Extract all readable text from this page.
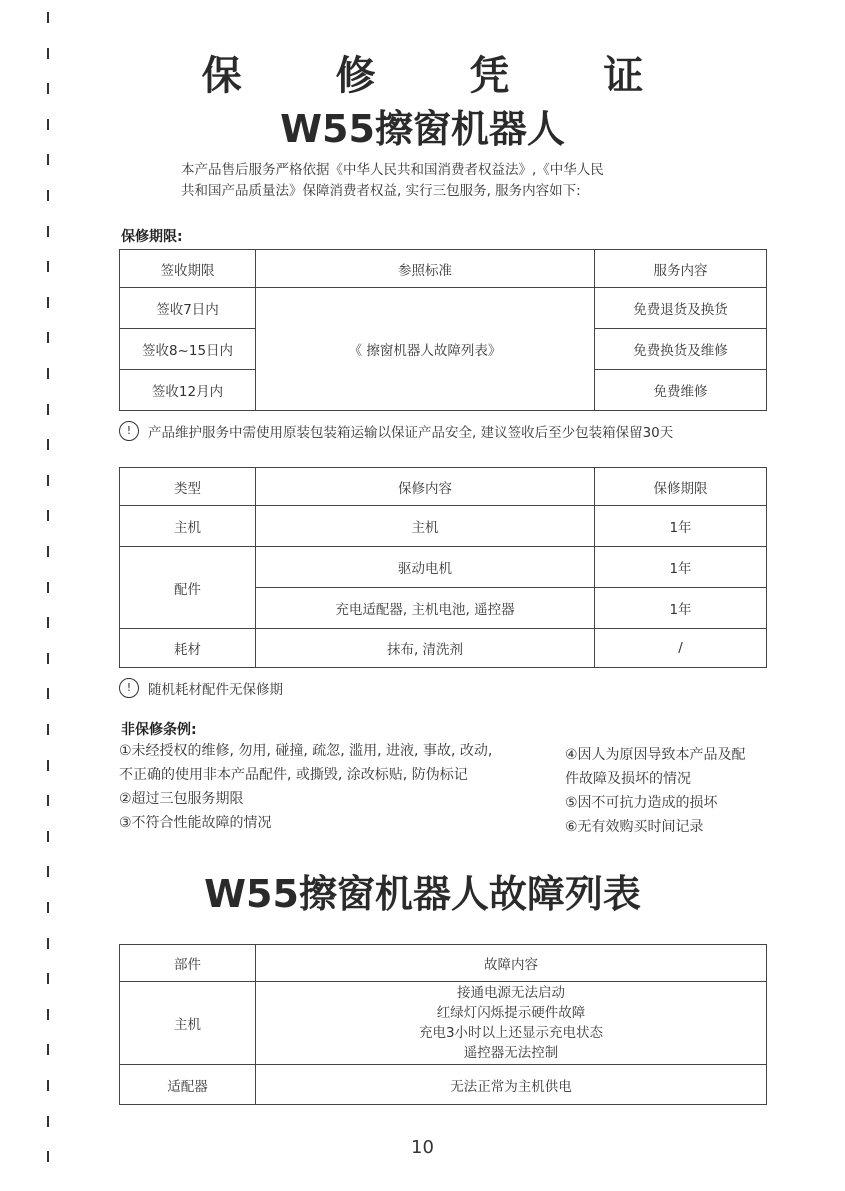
保 修 凭 证
W55擦窗机器人
本产品售后服务严格依据《中华人民共和国消费者权益法》,《中华人民
共和国产品质量法》保障消费者权益, 实行三包服务, 服务内容如下:
保修期限:
签收期限	参照标准	服务内容
签收7日内	《 擦窗机器人故障列表》	免费退货及换货
签收8~15日内		免费换货及维修
签收12月内		免费维修
!	产品维护服务中需使用原装包装箱运输以保证产品安全, 建议签收后至少包装箱保留30天
类型	保修内容	保修期限
主机	主机	1年
配件	驱动电机	1年
	充电适配器, 主机电池, 遥控器	1年
耗材	抹布, 清洗剂	/
!	随机耗材配件无保修期
非保修条例:
①未经授权的维修, 勿用, 碰撞, 疏忽, 滥用, 进液, 事故, 改动,
不正确的使用非本产品配件, 或撕毁, 涂改标贴, 防伪标记
②超过三包服务期限
③不符合性能故障的情况
④因人为原因导致本产品及配
件故障及损坏的情况
⑤因不可抗力造成的损坏
⑥无有效购买时间记录
W55擦窗机器人故障列表
部件	故障内容
主机	接通电源无法启动
红绿灯闪烁提示硬件故障
充电3小时以上还显示充电状态
遥控器无法控制

适配器	无法正常为主机供电
10
